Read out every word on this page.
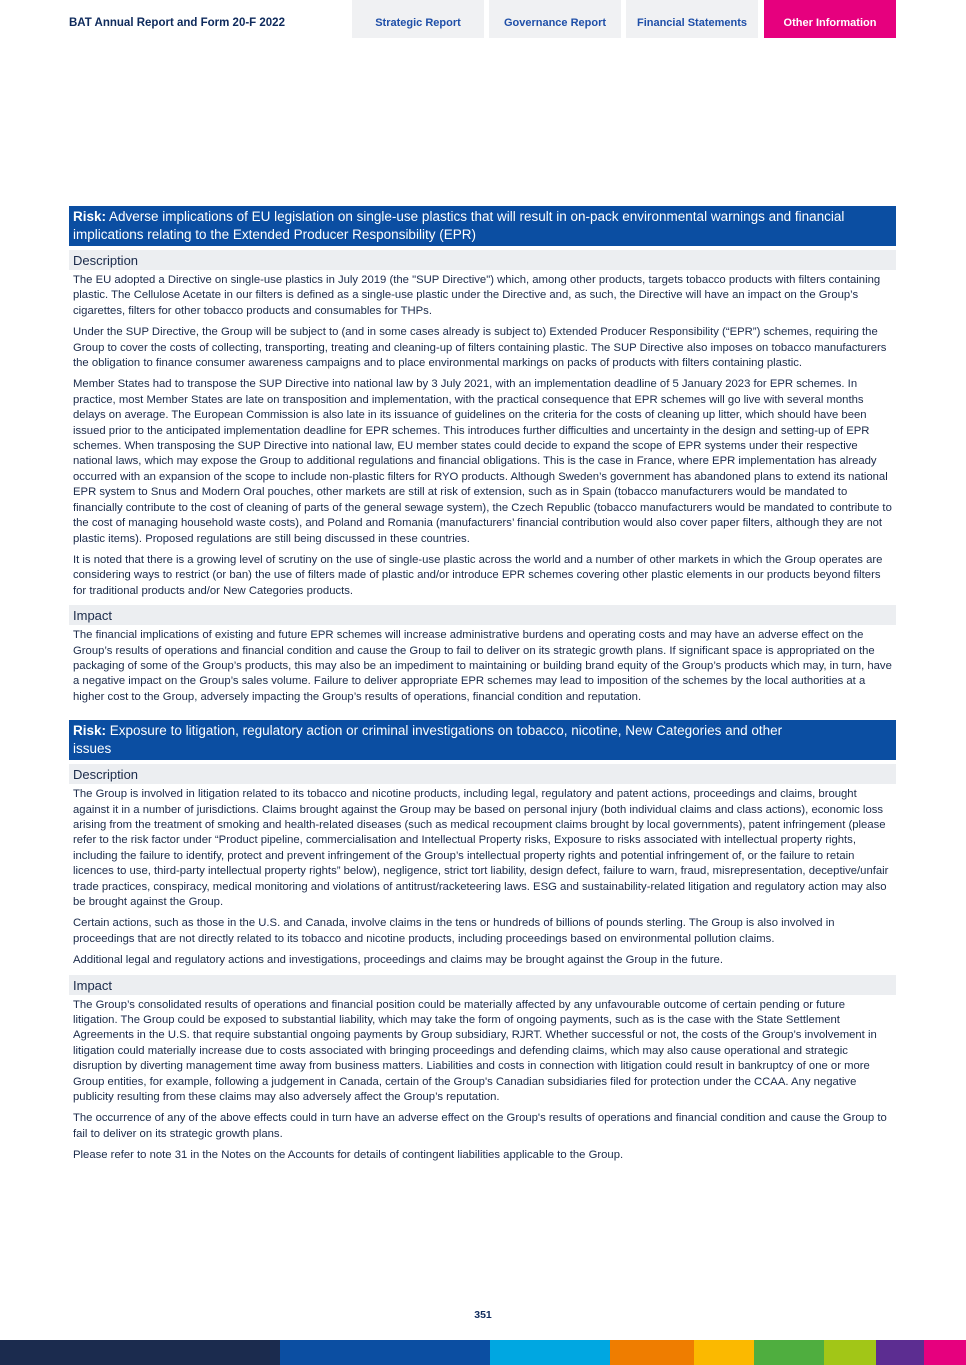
BAT Annual Report and Form 20-F 2022	Strategic Report	Governance Report	Financial Statements	Other Information
Risk: Adverse implications of EU legislation on single-use plastics that will result in on-pack environmental warnings and financial implications relating to the Extended Producer Responsibility (EPR)
Description

The EU adopted a Directive on single-use plastics in July 2019 (the "SUP Directive") which, among other products, targets tobacco products with filters containing plastic. The Cellulose Acetate in our filters is defined as a single-use plastic under the Directive and, as such, the Directive will have an impact on the Group’s cigarettes, filters for other tobacco products and consumables for THPs.

Under the SUP Directive, the Group will be subject to (and in some cases already is subject to) Extended Producer Responsibility (“EPR”) schemes, requiring the Group to cover the costs of collecting, transporting, treating and cleaning-up of filters containing plastic. The SUP Directive also imposes on tobacco manufacturers the obligation to finance consumer awareness campaigns and to place environmental markings on packs of products with filters containing plastic.

Member States had to transpose the SUP Directive into national law by 3 July 2021, with an implementation deadline of 5 January 2023 for EPR schemes. In practice, most Member States are late on transposition and implementation, with the practical consequence that EPR schemes will go live with several months delays on average. The European Commission is also late in its issuance of guidelines on the criteria for the costs of cleaning up litter, which should have been issued prior to the anticipated implementation deadline for EPR schemes. This introduces further difficulties and uncertainty in the design and setting-up of EPR schemes. When transposing the SUP Directive into national law, EU member states could decide to expand the scope of EPR systems under their respective national laws, which may expose the Group to additional regulations and financial obligations. This is the case in France, where EPR implementation has already occurred with an expansion of the scope to include non-plastic filters for RYO products. Although Sweden’s government has abandoned plans to extend its national EPR system to Snus and Modern Oral pouches, other markets are still at risk of extension, such as in Spain (tobacco manufacturers would be mandated to financially contribute to the cost of cleaning of parts of the general sewage system), the Czech Republic (tobacco manufacturers would be mandated to contribute to the cost of managing household waste costs), and Poland and Romania (manufacturers’ financial contribution would also cover paper filters, although they are not plastic items). Proposed regulations are still being discussed in these countries.

It is noted that there is a growing level of scrutiny on the use of single-use plastic across the world and a number of other markets in which the Group operates are considering ways to restrict (or ban) the use of filters made of plastic and/or introduce EPR schemes covering other plastic elements in our products beyond filters for traditional products and/or New Categories products.

Impact

The financial implications of existing and future EPR schemes will increase administrative burdens and operating costs and may have an adverse effect on the Group’s results of operations and financial condition and cause the Group to fail to deliver on its strategic growth plans. If significant space is appropriated on the packaging of some of the Group’s products, this may also be an impediment to maintaining or building brand equity of the Group’s products which may, in turn, have a negative impact on the Group’s sales volume. Failure to deliver appropriate EPR schemes may lead to imposition of the schemes by the local authorities at a higher cost to the Group, adversely impacting the Group’s results of operations, financial condition and reputation.

Risk: Exposure to litigation, regulatory action or criminal investigations on tobacco, nicotine, New Categories and other issues
Description

The Group is involved in litigation related to its tobacco and nicotine products, including legal, regulatory and patent actions, proceedings and claims, brought against it in a number of jurisdictions. Claims brought against the Group may be based on personal injury (both individual claims and class actions), economic loss arising from the treatment of smoking and health-related diseases (such as medical recoupment claims brought by local governments), patent infringement (please refer to the risk factor under “Product pipeline, commercialisation and Intellectual Property risks, Exposure to risks associated with intellectual property rights, including the failure to identify, protect and prevent infringement of the Group’s intellectual property rights and potential infringement of, or the failure to retain licences to use, third-party intellectual property rights” below), negligence, strict tort liability, design defect, failure to warn, fraud, misrepresentation, deceptive/unfair trade practices, conspiracy, medical monitoring and violations of antitrust/racketeering laws. ESG and sustainability-related litigation and regulatory action may also be brought against the Group.

Certain actions, such as those in the U.S. and Canada, involve claims in the tens or hundreds of billions of pounds sterling. The Group is also involved in proceedings that are not directly related to its tobacco and nicotine products, including proceedings based on environmental pollution claims.

Additional legal and regulatory actions and investigations, proceedings and claims may be brought against the Group in the future.

Impact

The Group’s consolidated results of operations and financial position could be materially affected by any unfavourable outcome of certain pending or future litigation. The Group could be exposed to substantial liability, which may take the form of ongoing payments, such as is the case with the State Settlement Agreements in the U.S. that require substantial ongoing payments by Group subsidiary, RJRT. Whether successful or not, the costs of the Group’s involvement in litigation could materially increase due to costs associated with bringing proceedings and defending claims, which may also cause operational and strategic disruption by diverting management time away from business matters. Liabilities and costs in connection with litigation could result in bankruptcy of one or more Group entities, for example, following a judgement in Canada, certain of the Group's Canadian subsidiaries filed for protection under the CCAA. Any negative publicity resulting from these claims may also adversely affect the Group’s reputation.

The occurrence of any of the above effects could in turn have an adverse effect on the Group's results of operations and financial condition and cause the Group to fail to deliver on its strategic growth plans.

Please refer to note 31 in the Notes on the Accounts for details of contingent liabilities applicable to the Group.

351
